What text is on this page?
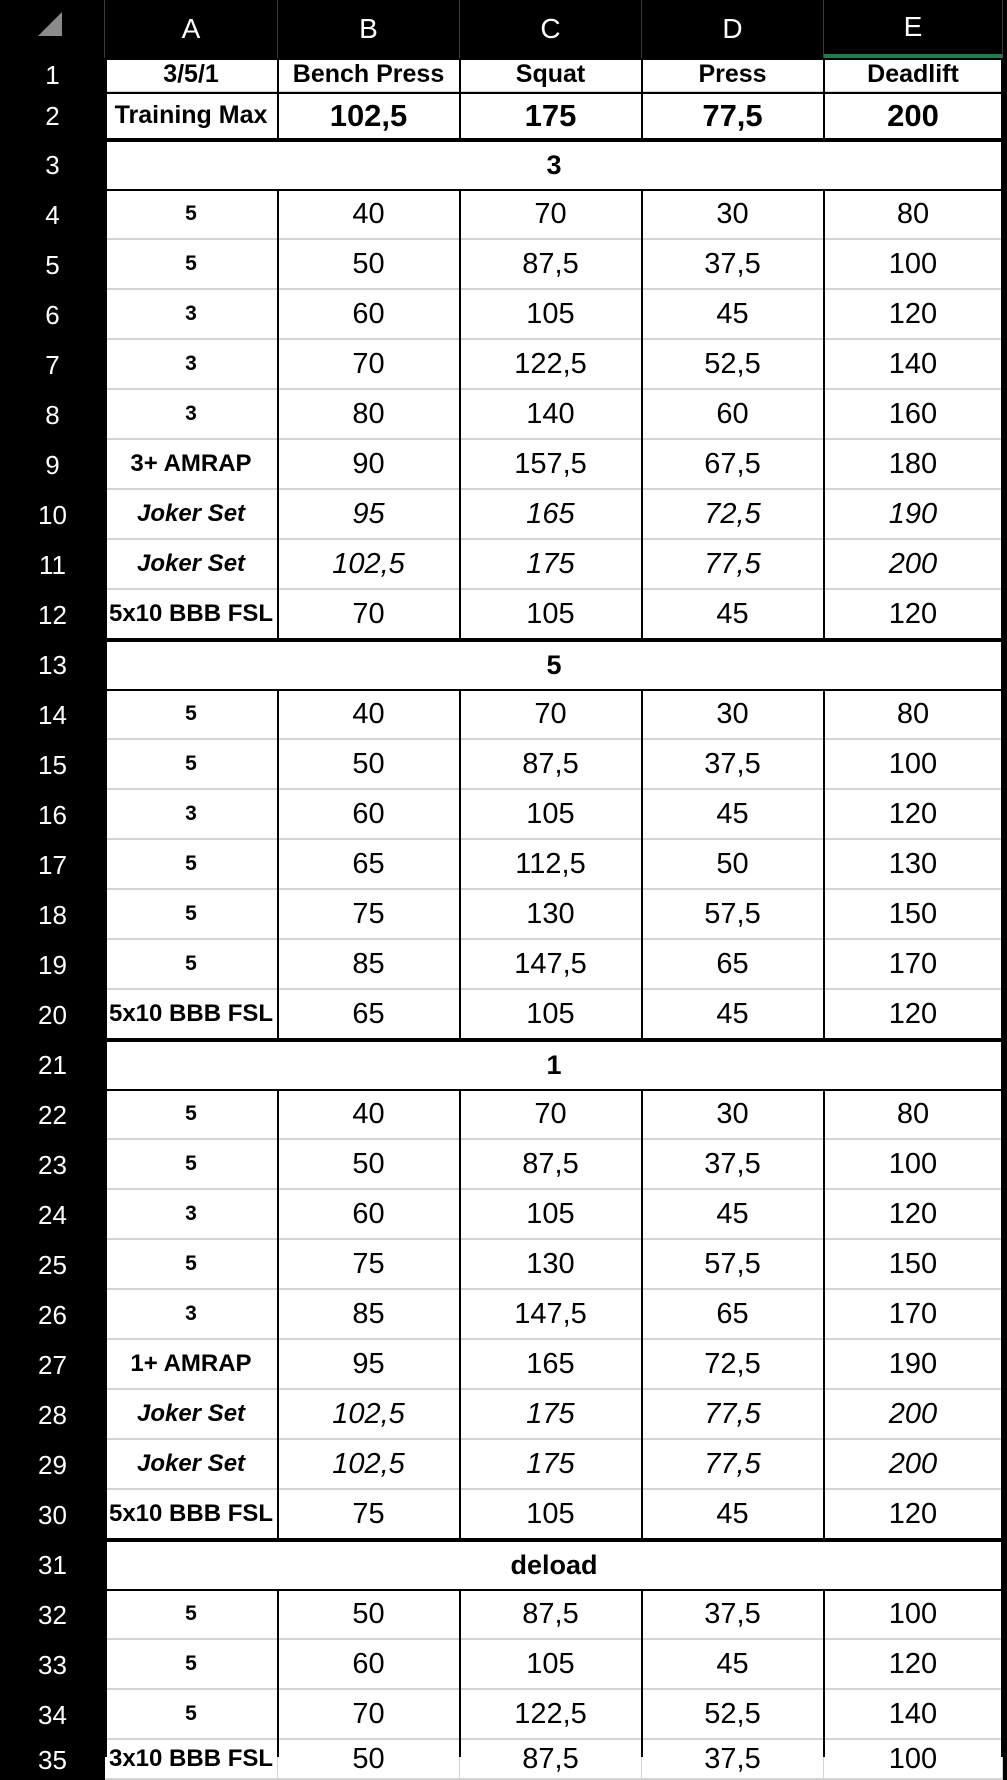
A	B	C	D	E
1	3/5/1	Bench Press	Squat	Press	Deadlift
2	Training Max	102,5	175	77,5	200
3	3
4	5	40	70	30	80
5	5	50	87,5	37,5	100
6	3	60	105	45	120
7	3	70	122,5	52,5	140
8	3	80	140	60	160
9	3+ AMRAP	90	157,5	67,5	180
10	Joker Set	95	165	72,5	190
11	Joker Set	102,5	175	77,5	200
12	5x10 BBB FSL	70	105	45	120
13	5
14	5	40	70	30	80
15	5	50	87,5	37,5	100
16	3	60	105	45	120
17	5	65	112,5	50	130
18	5	75	130	57,5	150
19	5	85	147,5	65	170
20	5x10 BBB FSL	65	105	45	120
21	1
22	5	40	70	30	80
23	5	50	87,5	37,5	100
24	3	60	105	45	120
25	5	75	130	57,5	150
26	3	85	147,5	65	170
27	1+ AMRAP	95	165	72,5	190
28	Joker Set	102,5	175	77,5	200
29	Joker Set	102,5	175	77,5	200
30	5x10 BBB FSL	75	105	45	120
31	deload
32	5	50	87,5	37,5	100
33	5	60	105	45	120
34	5	70	122,5	52,5	140
35	3x10 BBB FSL	50	87,5	37,5	100
